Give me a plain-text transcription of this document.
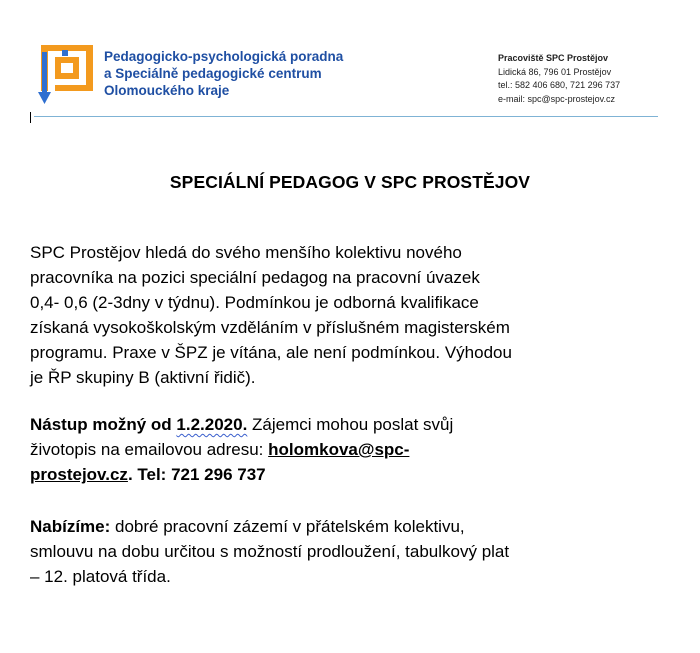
Pedagogicko-psychologická poradna
a Speciálně pedagogické centrum
Olomouckého kraje
Pracoviště SPC Prostějov
Lidická 86, 796 01 Prostějov
tel.: 582 406 680, 721 296 737
e-mail: spc@spc-prostejov.cz
SPECIÁLNÍ PEDAGOG V SPC PROSTĚJOV
SPC Prostějov hledá do svého menšího kolektivu nového
pracovníka na pozici speciální pedagog na pracovní úvazek
0,4- 0,6 (2-3dny v týdnu). Podmínkou je odborná kvalifikace
získaná vysokoškolským vzděláním v příslušném magisterském
programu. Praxe v ŠPZ je vítána, ale není podmínkou. Výhodou
je ŘP skupiny B (aktivní řidič).
Nástup možný od 1.2.2020. Zájemci mohou poslat svůj
životopis na emailovou adresu: holomkova@spc-
prostejov.cz. Tel: 721 296 737
Nabízíme: dobré pracovní zázemí v přátelském kolektivu,
smlouvu na dobu určitou s možností prodloužení, tabulkový plat
– 12. platová třída.
